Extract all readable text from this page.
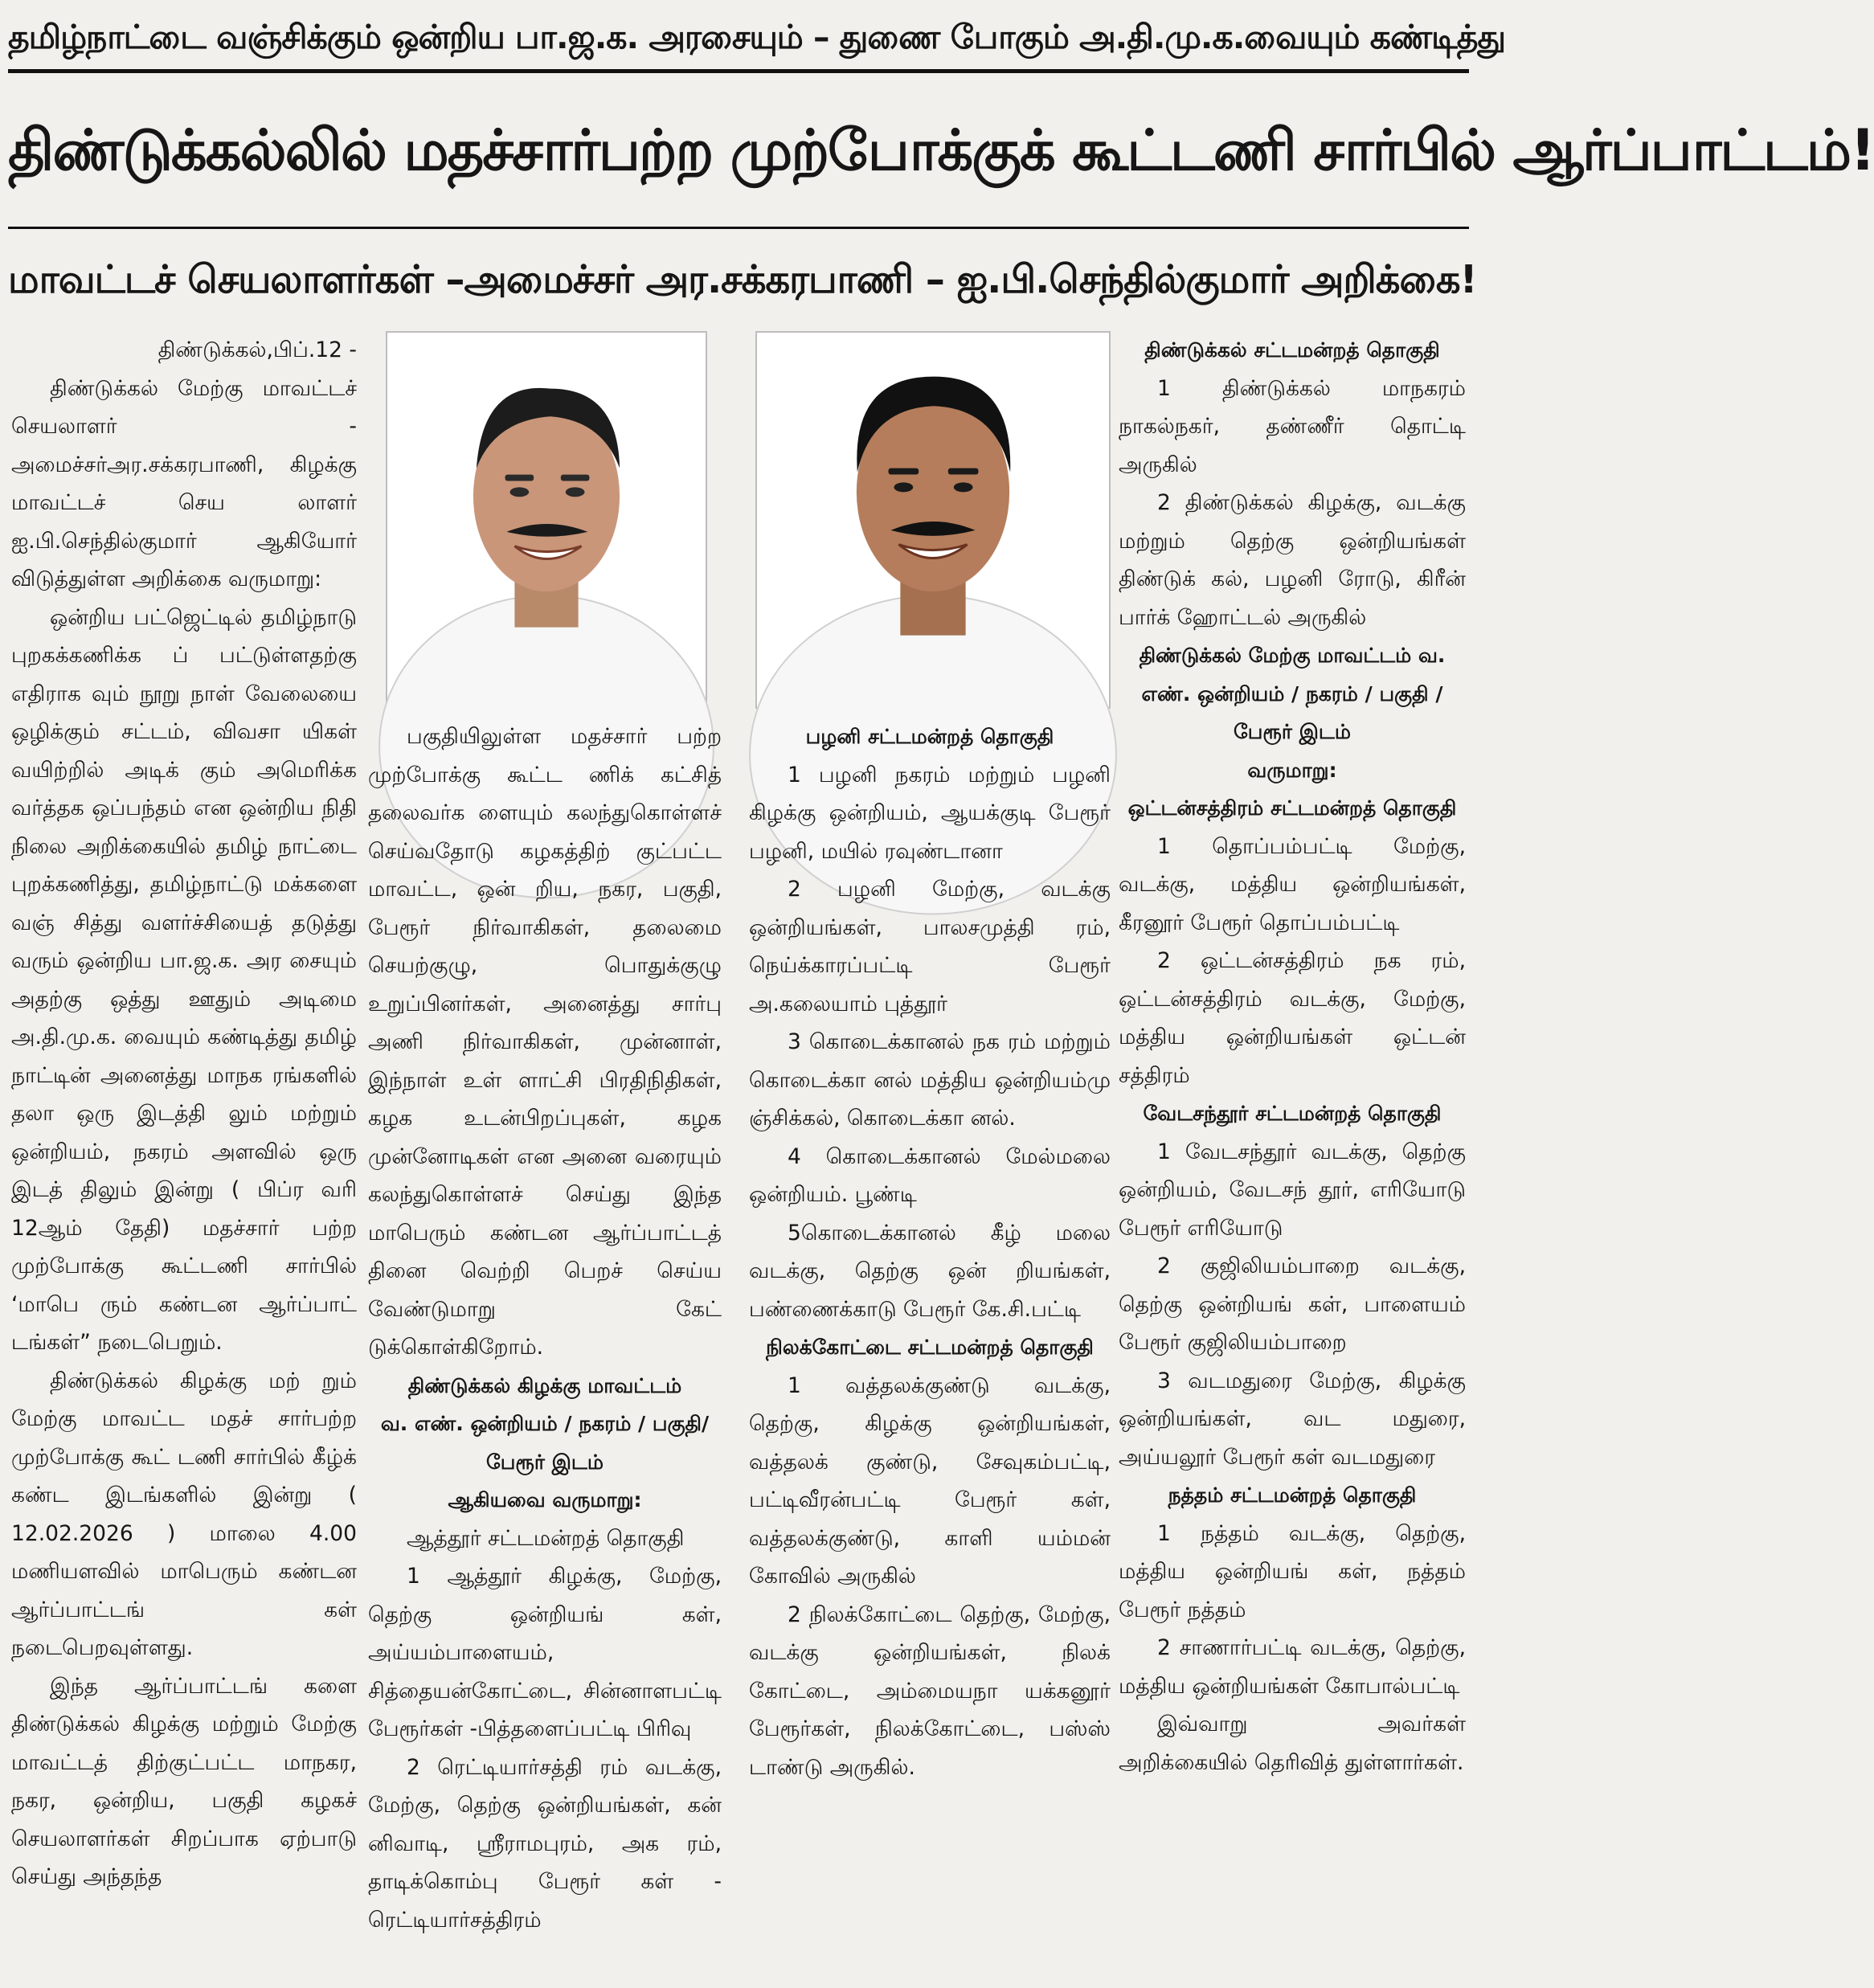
தமிழ்நாட்டை வஞ்சிக்கும் ஒன்றிய பா.ஜ.க. அரசையும் – துணை போகும் அ.தி.மு.க.வையும் கண்டித்து
திண்டுக்கல்லில் மதச்சார்பற்ற முற்போக்குக் கூட்டணி சார்பில் ஆர்ப்பாட்டம்!
மாவட்டச் செயலாளர்கள் –அமைச்சர் அர.சக்கரபாணி – ஐ.பி.செந்தில்குமார் அறிக்கை!

திண்டுக்கல்,பிப்.12 -

திண்டுக்கல் மேற்கு மாவட்டச் செயலாளர் - அமைச்சர்அர.சக்கரபாணி, கிழக்கு மாவட்டச் செய லாளர் ஐ.பி.செந்தில்குமார் ஆகியோர் விடுத்துள்ள அறிக்கை வருமாறு:

ஒன்றிய பட்ஜெட்டில் தமிழ்நாடு புறகக்கணிக்க ப் பட்டுள்ளதற்கு எதிராக வும் நூறு நாள் வேலையை ஒழிக்கும் சட்டம், விவசா யிகள் வயிற்றில் அடிக் கும் அமெரிக்க வர்த்தக ஒப்பந்தம் என ஒன்றிய நிதி நிலை அறிக்கையில் தமிழ் நாட்டை புறக்கணித்து, தமிழ்நாட்டு மக்களை வஞ் சித்து வளர்ச்சியைத் தடுத்து வரும் ஒன்றிய பா.ஜ.க. அர சையும் அதற்கு ஒத்து ஊதும் அடிமை அ.தி.மு.க. வையும் கண்டித்து தமிழ் நாட்டின் அனைத்து மாநக ரங்களில் தலா ஒரு இடத்தி லும் மற்றும் ஒன்றியம், நகரம் அளவில் ஒரு இடத் திலும் இன்று ( பிப்ர வரி 12ஆம் தேதி) மதச்சார் பற்ற முற்போக்கு கூட்டணி சார்பில் ‘மாபெ ரும் கண்டன ஆர்ப்பாட் டங்கள்” நடைபெறும்.

திண்டுக்கல் கிழக்கு மற் றும் மேற்கு மாவட்ட மதச் சார்பற்ற முற்போக்கு கூட் டணி சார்பில் கீழ்க் கண்ட இடங்களில் இன்று ( 12.02.2026 ) மாலை 4.00 மணியளவில் மாபெரும் கண்டன ஆர்ப்பாட்டங் கள் நடைபெறவுள்ளது.

இந்த ஆர்ப்பாட்டங் களை திண்டுக்கல் கிழக்கு மற்றும் மேற்கு மாவட்டத் திற்குட்பட்ட மாநகர, நகர, ஒன்றிய, பகுதி கழகச் செயலாளர்கள் சிறப்பாக ஏற்பாடு செய்து அந்தந்த

பகுதியிலுள்ள மதச்சார் பற்ற முற்போக்கு கூட்ட ணிக் கட்சித் தலைவர்க ளையும் கலந்துகொள்ளச் செய்வதோடு கழகத்திற் குட்பட்ட மாவட்ட, ஒன் றிய, நகர, பகுதி, பேரூர் நிர்வாகிகள், தலைமை செயற்குழு, பொதுக்குழு உறுப்பினர்கள், அனைத்து சார்பு அணி நிர்வாகிகள், முன்னாள், இந்நாள் உள் ளாட்சி பிரதிநிதிகள், கழக உடன்பிறப்புகள், கழக முன்னோடிகள் என அனை வரையும் கலந்துகொள்ளச் செய்து இந்த மாபெரும் கண்டன ஆர்ப்பாட்டத் தினை வெற்றி பெறச் செய்ய வேண்டுமாறு கேட் டுக்கொள்கிறோம்.

திண்டுக்கல் கிழக்கு மாவட்டம்

வ. எண். ஒன்றியம் / நகரம் / பகுதி/ பேரூர் இடம்

ஆகியவை வருமாறு:

ஆத்தூர் சட்டமன்றத் தொகுதி

1 ஆத்தூர் கிழக்கு, மேற்கு, தெற்கு ஒன்றியங் கள், அய்யம்பாளையம், சித்தையன்கோட்டை, சின்னாளபட்டி பேரூர்கள் -பித்தளைப்பட்டி பிரிவு

2 ரெட்டியார்சத்தி ரம் வடக்கு, மேற்கு, தெற்கு ஒன்றியங்கள், கன் னிவாடி, ஸ்ரீராமபுரம், அக ரம், தாடிக்கொம்பு பேரூர் கள் - ரெட்டியார்சத்திரம்

பழனி சட்டமன்றத் தொகுதி

1 பழனி நகரம் மற்றும் பழனி கிழக்கு ஒன்றியம், ஆயக்குடி பேரூர் பழனி, மயில் ரவுண்டானா

2 பழனி மேற்கு, வடக்கு ஒன்றியங்கள், பாலசமுத்தி ரம், நெய்க்காரப்பட்டி பேரூர் அ.கலையாம் புத்தூர்

3 கொடைக்கானல் நக ரம் மற்றும் கொடைக்கா னல் மத்திய ஒன்றியம்மு ஞ்சிக்கல், கொடைக்கா னல்.

4 கொடைக்கானல் மேல்மலை ஒன்றியம். பூண்டி

5கொடைக்கானல் கீழ் மலை வடக்கு, தெற்கு ஒன் றியங்கள், பண்ணைக்காடு பேரூர் கே.சி.பட்டி

நிலக்கோட்டை சட்டமன்றத் தொகுதி

1 வத்தலக்குண்டு வடக்கு, தெற்கு, கிழக்கு ஒன்றியங்கள், வத்தலக் குண்டு, சேவுகம்பட்டி, பட்டிவீரன்பட்டி பேரூர் கள், வத்தலக்குண்டு, காளி யம்மன் கோவில் அருகில்

2 நிலக்கோட்டை தெற்கு, மேற்கு, வடக்கு ஒன்றியங்கள், நிலக் கோட்டை, அம்மையநா யக்கனூர் பேரூர்கள், நிலக்கோட்டை, பஸ்ஸ் டாண்டு அருகில்.

திண்டுக்கல் சட்டமன்றத் தொகுதி

1 திண்டுக்கல் மாநகரம் நாகல்நகர், தண்ணீர் தொட்டி அருகில்

2 திண்டுக்கல் கிழக்கு, வடக்கு மற்றும் தெற்கு ஒன்றியங்கள் திண்டுக் கல், பழனி ரோடு, கிரீன் பார்க் ஹோட்டல் அருகில்

திண்டுக்கல் மேற்கு மாவட்டம் வ. எண். ஒன்றியம் / நகரம் / பகுதி / பேரூர் இடம்

வருமாறு:

ஒட்டன்சத்திரம் சட்டமன்றத் தொகுதி

1 தொப்பம்பட்டி மேற்கு, வடக்கு, மத்திய ஒன்றியங்கள், கீரனூர் பேரூர் தொப்பம்பட்டி

2 ஒட்டன்சத்திரம் நக ரம், ஒட்டன்சத்திரம் வடக்கு, மேற்கு, மத்திய ஒன்றியங்கள் ஒட்டன் சத்திரம்

வேடசந்தூர் சட்டமன்றத் தொகுதி

1 வேடசந்தூர் வடக்கு, தெற்கு ஒன்றியம், வேடசந் தூர், எரியோடு பேரூர் எரியோடு

2 குஜிலியம்பாறை வடக்கு, தெற்கு ஒன்றியங் கள், பாளையம் பேரூர் குஜிலியம்பாறை

3 வடமதுரை மேற்கு, கிழக்கு ஒன்றியங்கள், வட மதுரை, அய்யலூர் பேரூர் கள் வடமதுரை

நத்தம் சட்டமன்றத் தொகுதி

1 நத்தம் வடக்கு, தெற்கு, மத்திய ஒன்றியங் கள், நத்தம் பேரூர் நத்தம்

2 சாணார்பட்டி வடக்கு, தெற்கு, மத்திய ஒன்றியங்கள் கோபால்பட்டி

இவ்வாறு அவர்கள் அறிக்கையில் தெரிவித் துள்ளார்கள்.
